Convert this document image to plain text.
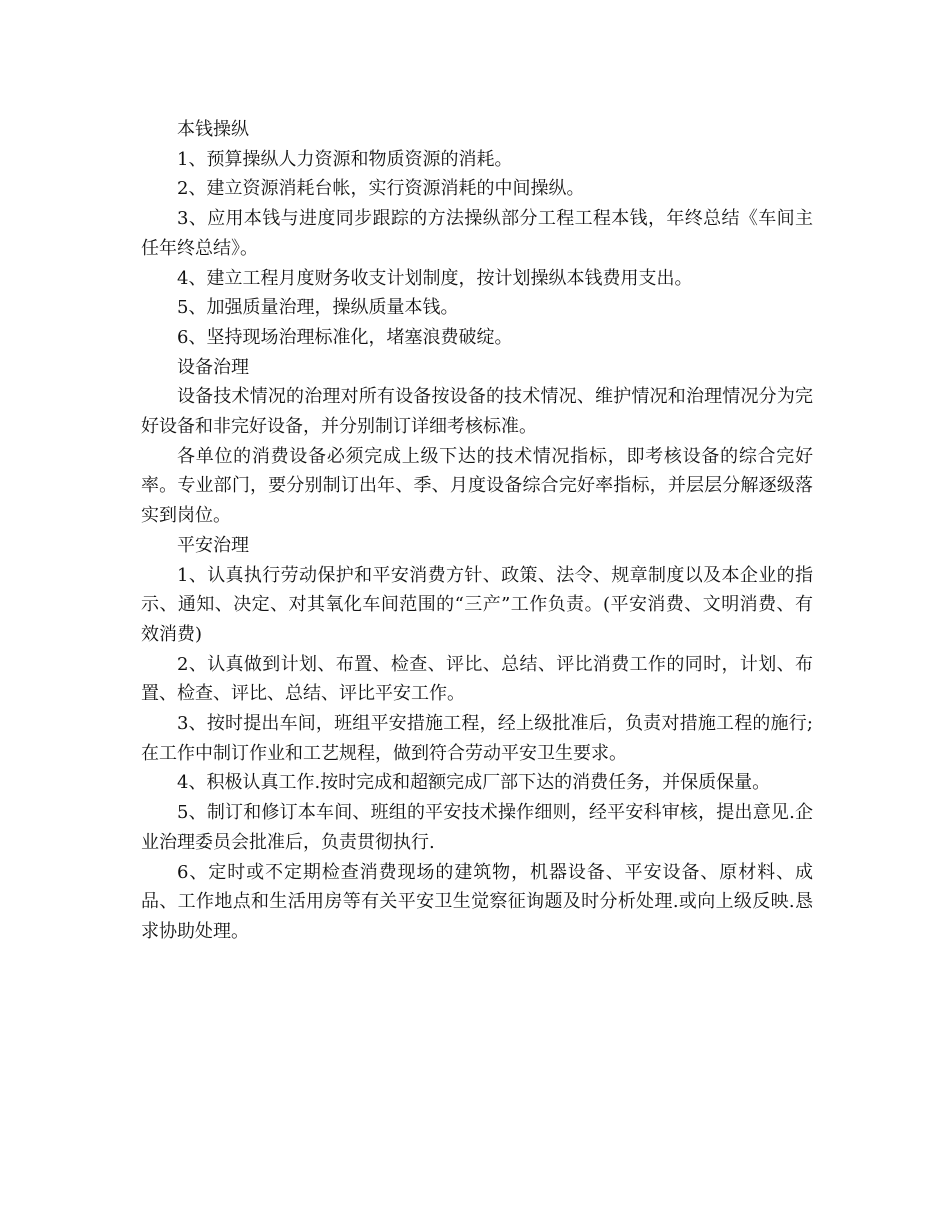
本钱操纵

1、预算操纵人力资源和物质资源的消耗。

2、建立资源消耗台帐，实行资源消耗的中间操纵。

3、应用本钱与进度同步跟踪的方法操纵部分工程工程本钱，年终总结《车间主任年终总结》。

4、建立工程月度财务收支计划制度，按计划操纵本钱费用支出。

5、加强质量治理，操纵质量本钱。

6、坚持现场治理标准化，堵塞浪费破绽。

设备治理

设备技术情况的治理对所有设备按设备的技术情况、维护情况和治理情况分为完好设备和非完好设备，并分别制订详细考核标准。

各单位的消费设备必须完成上级下达的技术情况指标，即考核设备的综合完好率。专业部门，要分别制订出年、季、月度设备综合完好率指标，并层层分解逐级落实到岗位。

平安治理

1、认真执行劳动保护和平安消费方针、政策、法令、规章制度以及本企业的指示、通知、决定、对其氧化车间范围的“三产”工作负责。(平安消费、文明消费、有效消费)

2、认真做到计划、布置、检查、评比、总结、评比消费工作的同时，计划、布置、检查、评比、总结、评比平安工作。

3、按时提出车间，班组平安措施工程，经上级批准后，负责对措施工程的施行;在工作中制订作业和工艺规程，做到符合劳动平安卫生要求。

4、积极认真工作.按时完成和超额完成厂部下达的消费任务，并保质保量。

5、制订和修订本车间、班组的平安技术操作细则，经平安科审核，提出意见.企业治理委员会批准后，负责贯彻执行.

6、定时或不定期检查消费现场的建筑物，机器设备、平安设备、原材料、成品、工作地点和生活用房等有关平安卫生觉察征询题及时分析处理.或向上级反映.恳求协助处理。
